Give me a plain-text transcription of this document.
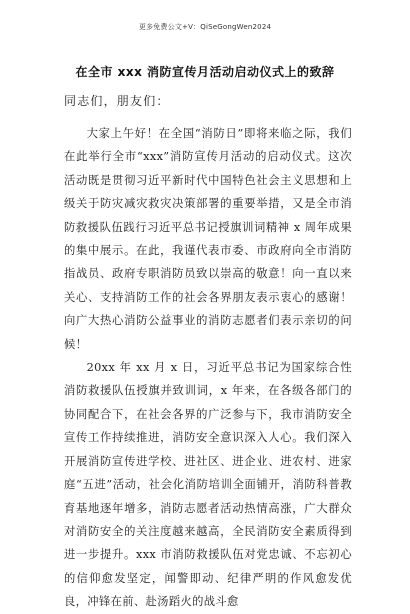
更多免费公文+V：QiSeGongWen2024
在全市 xxx 消防宣传月活动启动仪式上的致辞
同志们，朋友们：

大家上午好！在全国“消防日”即将来临之际，我们在此举行全市“xxx”消防宣传月活动的启动仪式。这次活动既是贯彻习近平新时代中国特色社会主义思想和上级关于防灾减灾救灾决策部署的重要举措，又是全市消防救援队伍践行习近平总书记授旗训词精神 x 周年成果的集中展示。在此，我谨代表市委、市政府向全市消防指战员、政府专职消防员致以崇高的敬意！向一直以来关心、支持消防工作的社会各界朋友表示衷心的感谢！向广大热心消防公益事业的消防志愿者们表示亲切的问候！

20xx 年 xx 月 x 日，习近平总书记为国家综合性消防救援队伍授旗并致训词，x 年来，在各级各部门的协同配合下，在社会各界的广泛参与下，我市消防安全宣传工作持续推进，消防安全意识深入人心。我们深入开展消防宣传进学校、进社区、进企业、进农村、进家庭“五进”活动，社会化消防培训全面铺开，消防科普教育基地逐年增多，消防志愿者活动热情高涨，广大群众对消防安全的关注度越来越高，全民消防安全素质得到进一步提升。xxx 市消防救援队伍对党忠诚、不忘初心的信仰愈发坚定，闻警即动、纪律严明的作风愈发优良，冲锋在前、赴汤蹈火的战斗愈
